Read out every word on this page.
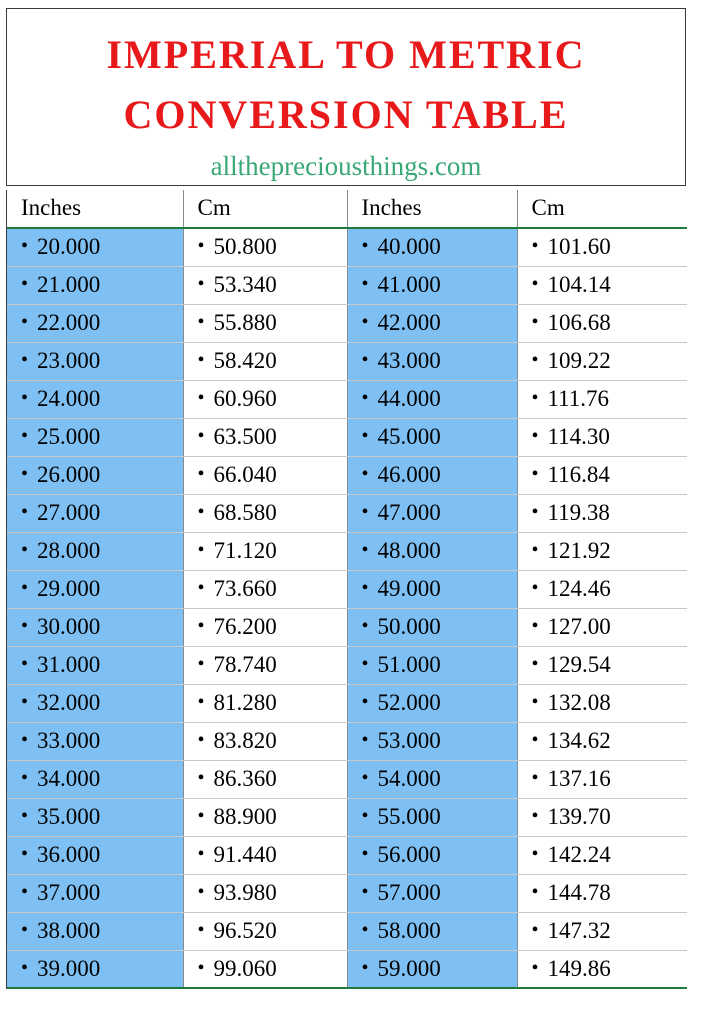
IMPERIAL TO METRIC
CONVERSION TABLE
allthepreciousthings.com
Inches	Cm	Inches	Cm
• 20.000	• 50.800	• 40.000	• 101.60
• 21.000	• 53.340	• 41.000	• 104.14
• 22.000	• 55.880	• 42.000	• 106.68
• 23.000	• 58.420	• 43.000	• 109.22
• 24.000	• 60.960	• 44.000	• 111.76
• 25.000	• 63.500	• 45.000	• 114.30
• 26.000	• 66.040	• 46.000	• 116.84
• 27.000	• 68.580	• 47.000	• 119.38
• 28.000	• 71.120	• 48.000	• 121.92
• 29.000	• 73.660	• 49.000	• 124.46
• 30.000	• 76.200	• 50.000	• 127.00
• 31.000	• 78.740	• 51.000	• 129.54
• 32.000	• 81.280	• 52.000	• 132.08
• 33.000	• 83.820	• 53.000	• 134.62
• 34.000	• 86.360	• 54.000	• 137.16
• 35.000	• 88.900	• 55.000	• 139.70
• 36.000	• 91.440	• 56.000	• 142.24
• 37.000	• 93.980	• 57.000	• 144.78
• 38.000	• 96.520	• 58.000	• 147.32
• 39.000	• 99.060	• 59.000	• 149.86
